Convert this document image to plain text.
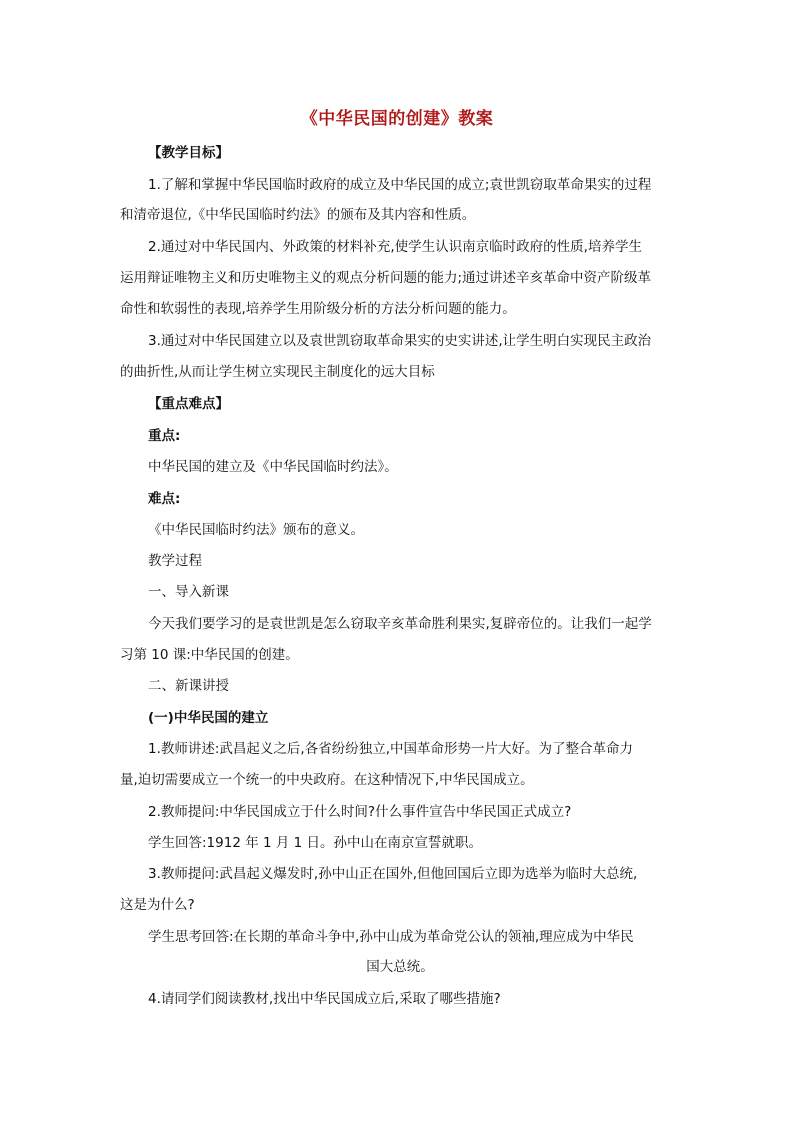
《中华民国的创建》教案

【教学目标】

1.了解和掌握中华民国临时政府的成立及中华民国的成立;袁世凯窃取革命果实的过程

和清帝退位,《中华民国临时约法》的颁布及其内容和性质。

2.通过对中华民国内、外政策的材料补充,使学生认识南京临时政府的性质,培养学生

运用辩证唯物主义和历史唯物主义的观点分析问题的能力;通过讲述辛亥革命中资产阶级革

命性和软弱性的表现,培养学生用阶级分析的方法分析问题的能力。

3.通过对中华民国建立以及袁世凯窃取革命果实的史实讲述,让学生明白实现民主政治

的曲折性,从而让学生树立实现民主制度化的远大目标

【重点难点】

重点:

中华民国的建立及《中华民国临时约法》。

难点:

《中华民国临时约法》颁布的意义。

教学过程

一、导入新课

今天我们要学习的是袁世凯是怎么窃取辛亥革命胜利果实,复辟帝位的。让我们一起学

习第 10 课:中华民国的创建。

二、新课讲授

(一)中华民国的建立

1.教师讲述:武昌起义之后,各省纷纷独立,中国革命形势一片大好。为了整合革命力

量,迫切需要成立一个统一的中央政府。在这种情况下,中华民国成立。

2.教师提问:中华民国成立于什么时间?什么事件宣告中华民国正式成立?

学生回答:1912 年 1 月 1 日。孙中山在南京宣誓就职。

3.教师提问:武昌起义爆发时,孙中山正在国外,但他回国后立即为选举为临时大总统,

这是为什么?

学生思考回答:在长期的革命斗争中,孙中山成为革命党公认的领袖,理应成为中华民

国大总统。

4.请同学们阅读教材,找出中华民国成立后,采取了哪些措施?
